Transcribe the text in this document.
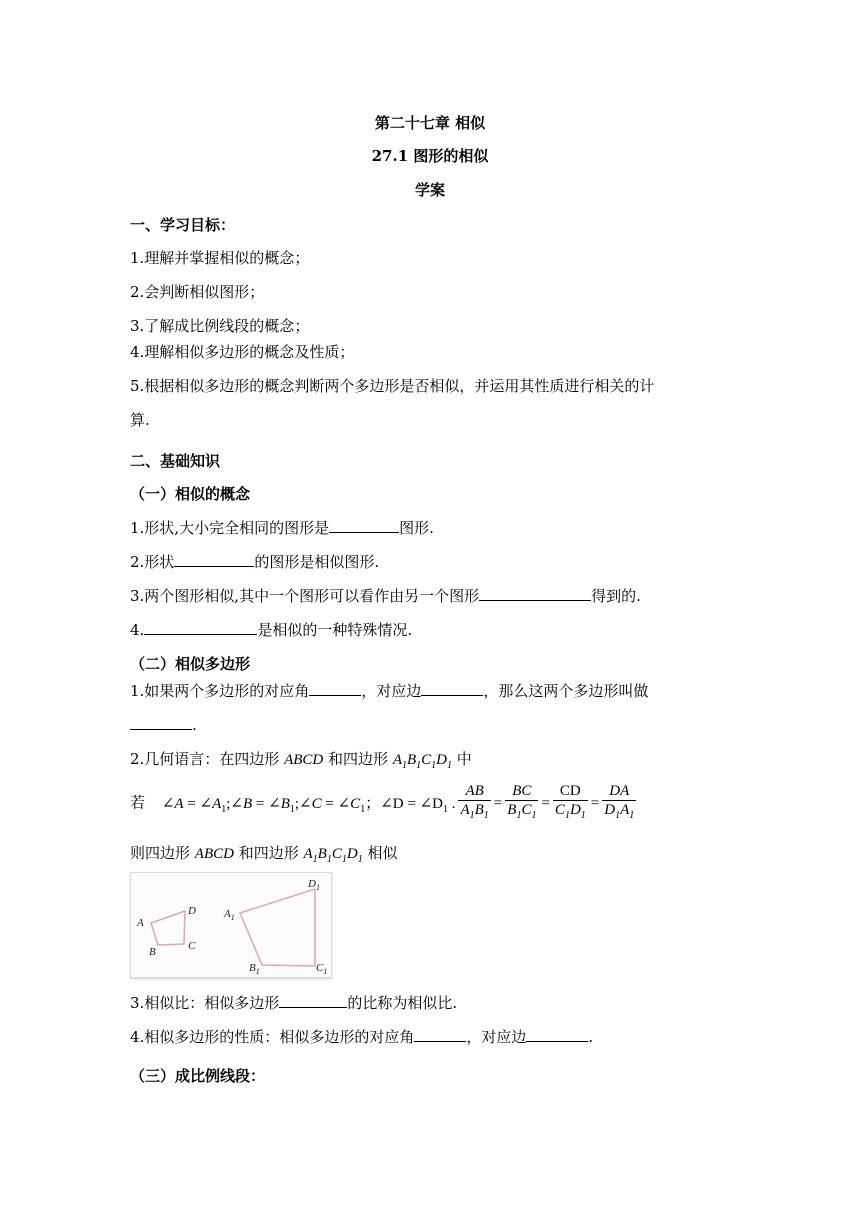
第二十七章 相似
27.1 图形的相似
学案
一、学习目标：
1.理解并掌握相似的概念；
2.会判断相似图形；
3.了解成比例线段的概念；
4.理解相似多边形的概念及性质；
5.根据相似多边形的概念判断两个多边形是否相似，并运用其性质进行相关的计
算.
二、基础知识
（一）相似的概念
1.形状,大小完全相同的图形是	图形.
2.形状	的图形是相似图形.
3.两个图形相似,其中一个图形可以看作由另一个图形	得到的.
4.	是相似的一种特殊情况.
（二）相似多边形
1.如果两个多边形的对应角	，对应边	，那么这两个多边形叫做
.
2.几何语言：在四边形 ABCD 和四边形 $A_1B_1C_1D_1$ 中
若 ∠A = $\angle A_1;\angle B$ = $\angle B_1;\angle C$ = $\angle C_1$；∠D = $\angle D_1$ . $\frac{AB}{A_1B_1} = \frac{BC}{B_1C_1} = \frac{CD}{C_1D_1} = \frac{DA}{D_1A_1}$
则四边形 ABCD 和四边形 $A_1B_1C_1D_1$ 相似
A
B	C
D	$A_1$
$B_1$	$C_1$
$D_1$
3.相似比：相似多边形	的比称为相似比.
4.相似多边形的性质：相似多边形的对应角	，对应边	.
（三）成比例线段：
